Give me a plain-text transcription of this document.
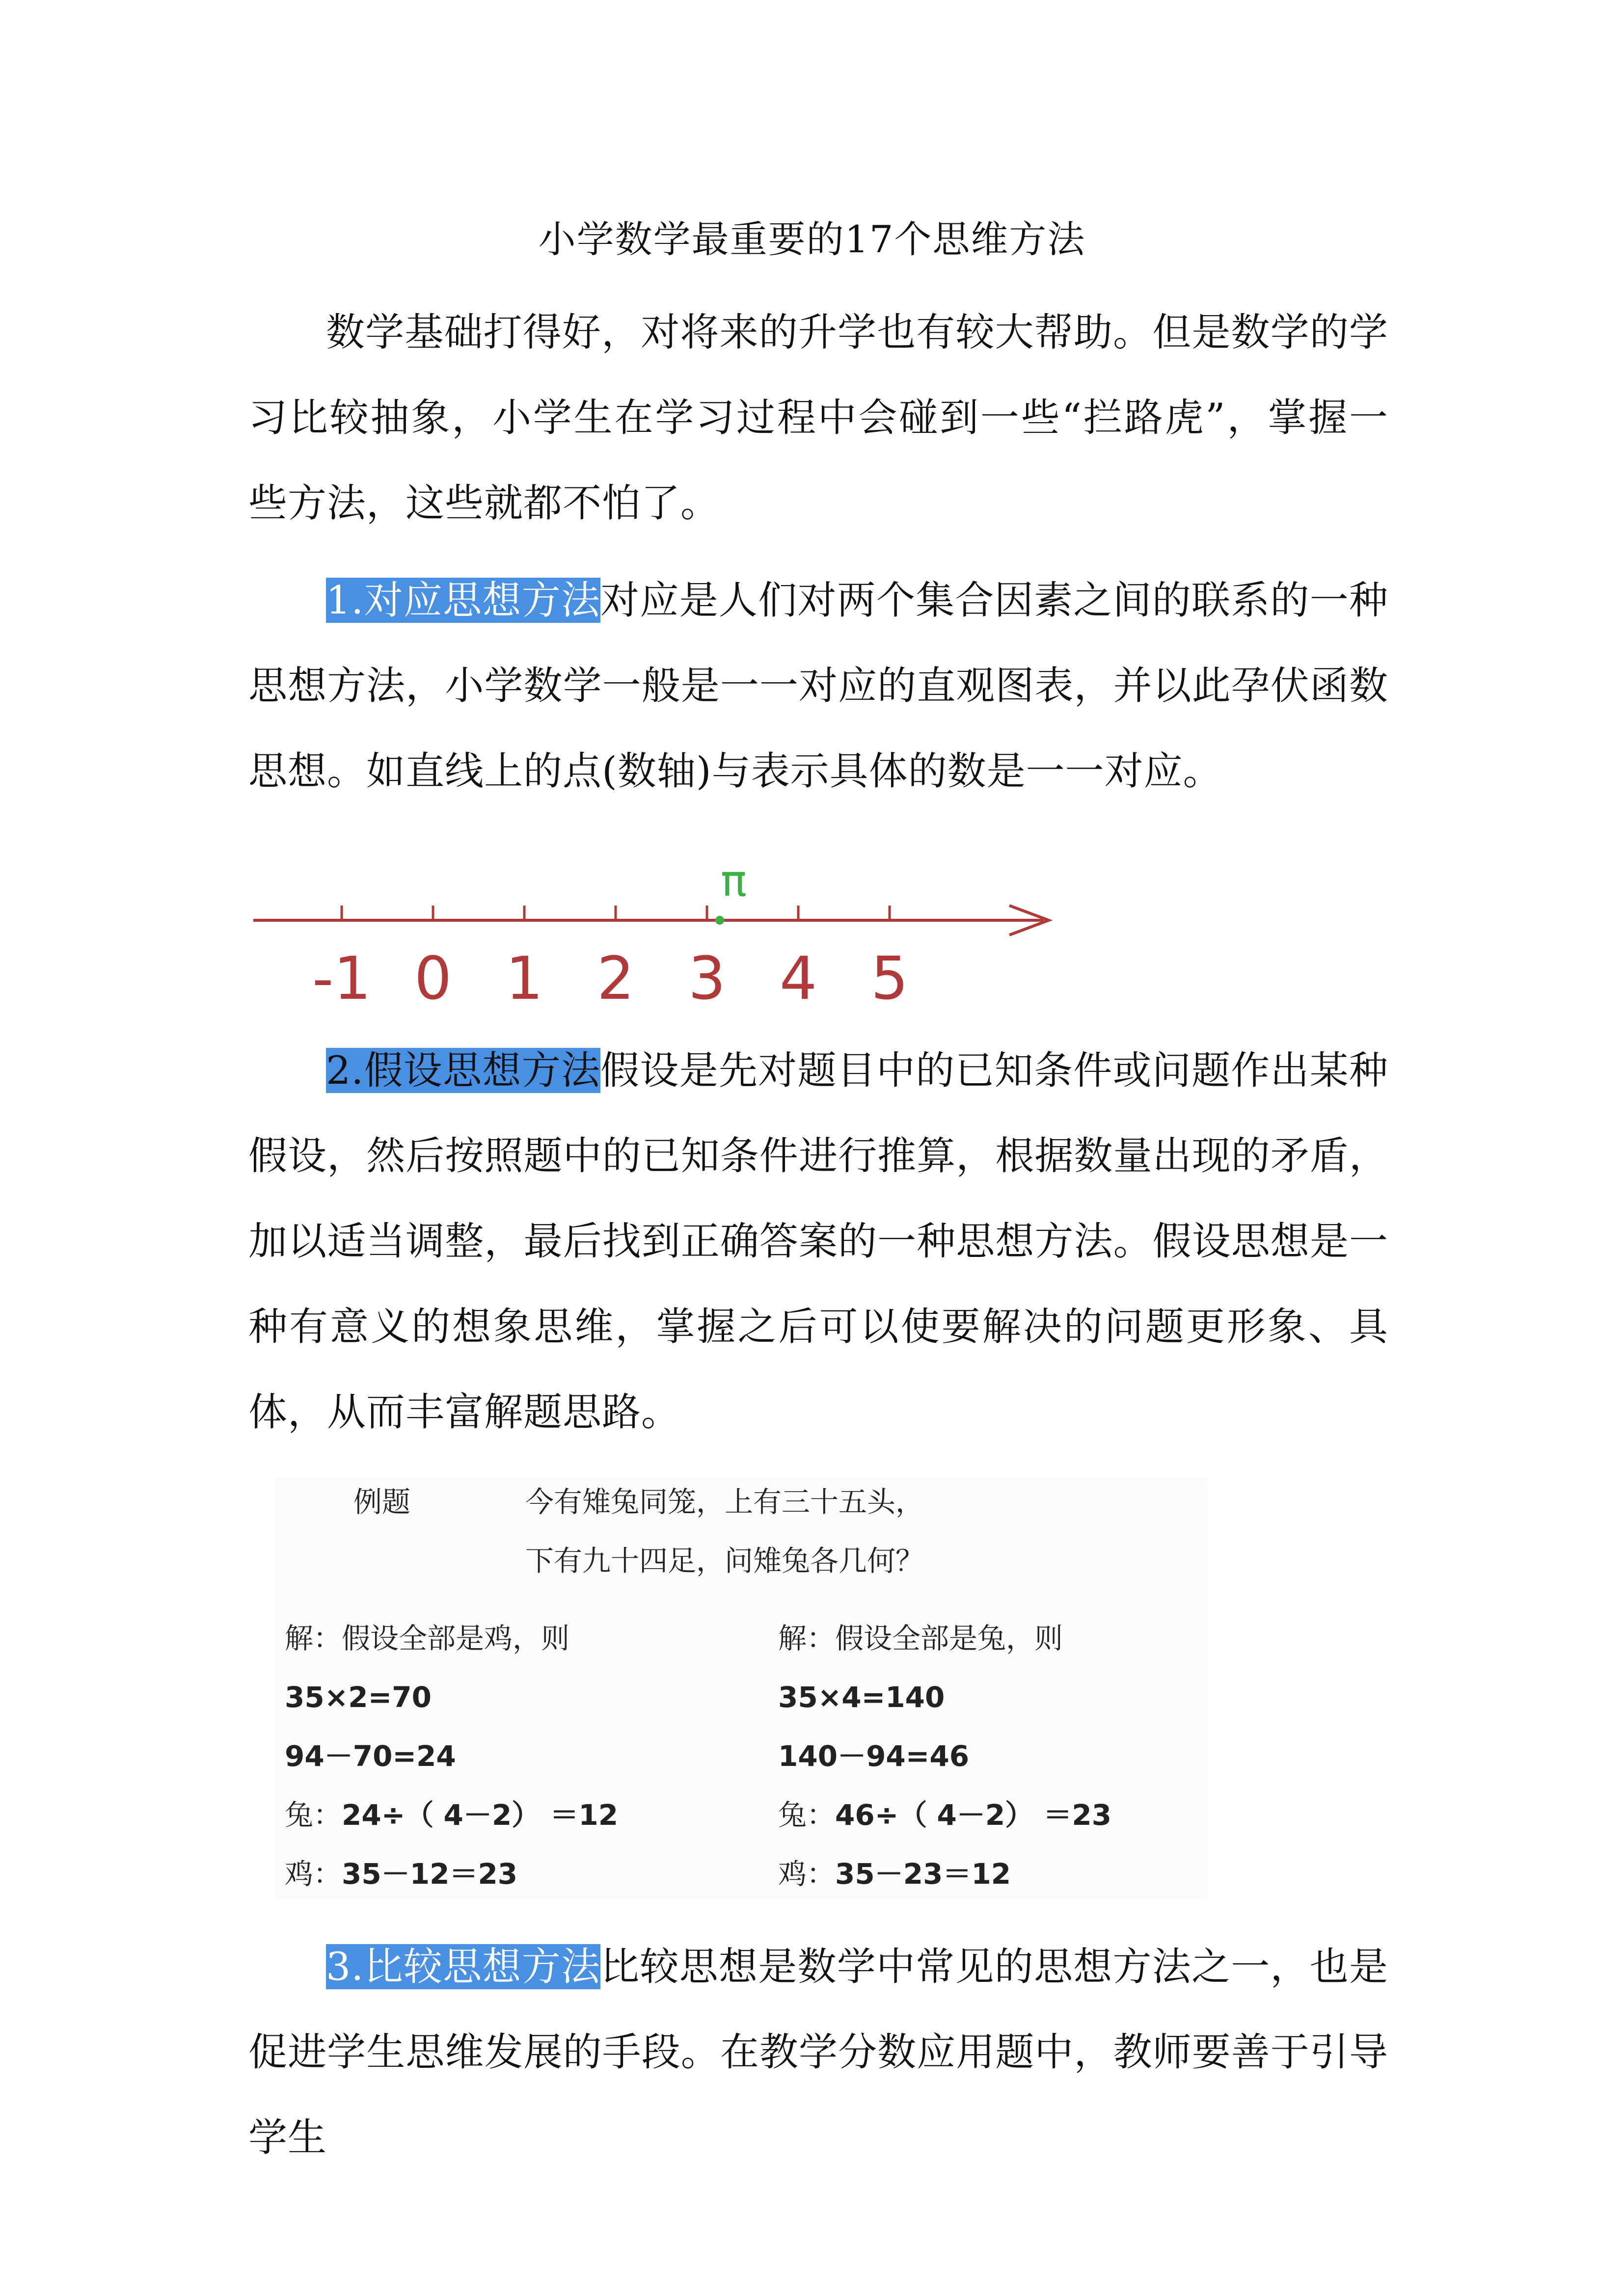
小学数学最重要的17个思维方法

数学基础打得好，对将来的升学也有较大帮助。但是数学的学习比较抽象，小学生在学习过程中会碰到一些“拦路虎”，掌握一些方法，这些就都不怕了。

1.对应思想方法对应是人们对两个集合因素之间的联系的一种思想方法，小学数学一般是一一对应的直观图表，并以此孕伏函数思想。如直线上的点(数轴)与表示具体的数是一一对应。

-1 0 1 2 3 4 5
π

2.假设思想方法假设是先对题目中的已知条件或问题作出某种假设，然后按照题中的已知条件进行推算，根据数量出现的矛盾，加以适当调整，最后找到正确答案的一种思想方法。假设思想是一种有意义的想象思维，掌握之后可以使要解决的问题更形象、具体，从而丰富解题思路。

例题	今有雉兔同笼，上有三十五头，
下有九十四足，问雉兔各几何？
解：假设全部是鸡，则
35×2=70
94－70=24
兔：24÷（ 4－2） ＝12
鸡：35－12＝23
解：假设全部是兔，则
35×4=140
140－94=46
兔：46÷（ 4－2） ＝23
鸡：35－23＝12

3.比较思想方法比较思想是数学中常见的思想方法之一，也是促进学生思维发展的手段。在教学分数应用题中，教师要善于引导学生
